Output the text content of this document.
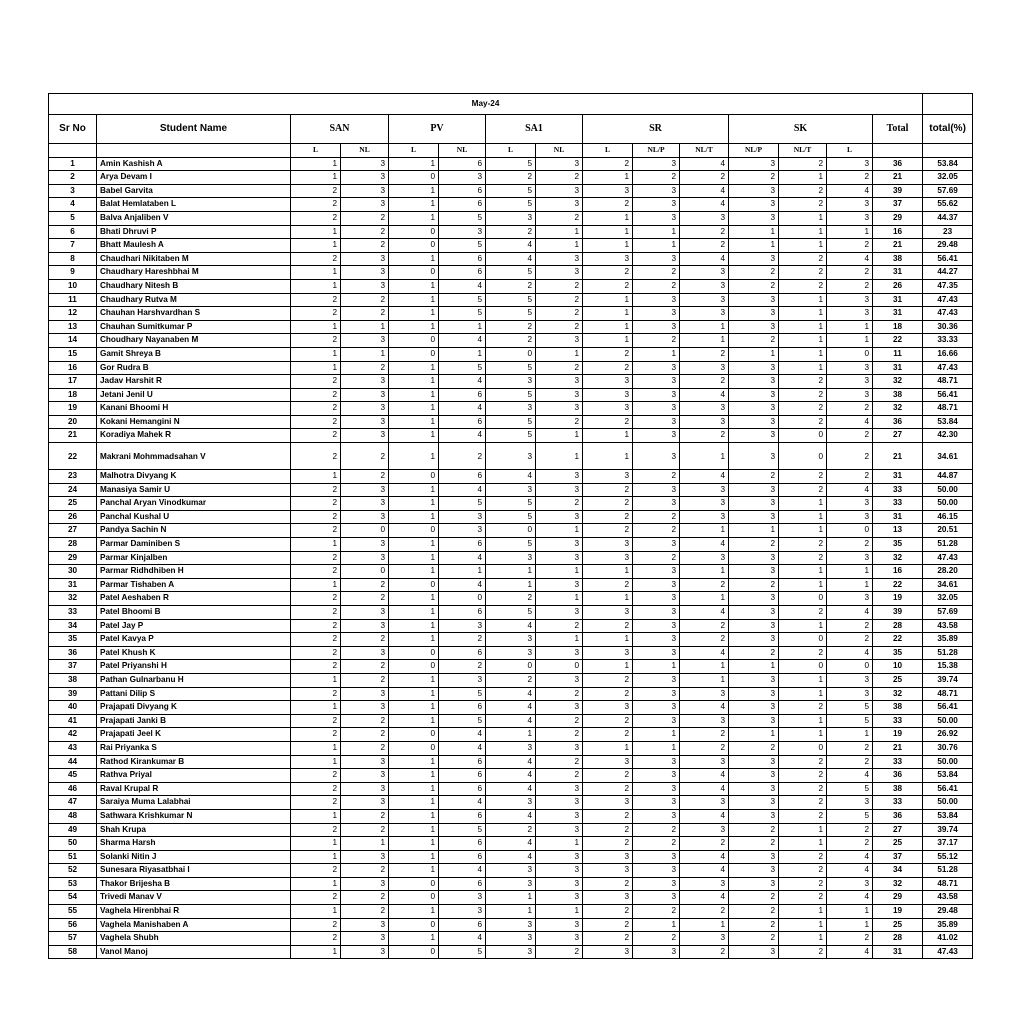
May-24															
Sr No	Student Name	SAN		PV		SA1		SR			SK			Total	total(%)
		L	NL	L	NL	L	NL	L	NL/P	NL/T	NL/P	NL/T	L		
1	Amin Kashish A	1	3	1	6	5	3	2	3	4	3	2	3	36	53.84
2	Arya Devam I	1	3	0	3	2	2	1	2	2	2	1	2	21	32.05
3	Babel Garvita	2	3	1	6	5	3	3	3	4	3	2	4	39	57.69
4	Balat Hemlataben L	2	3	1	6	5	3	2	3	4	3	2	3	37	55.62
5	Balva Anjaliben V	2	2	1	5	3	2	1	3	3	3	1	3	29	44.37
6	Bhati Dhruvi P	1	2	0	3	2	1	1	1	2	1	1	1	16	23
7	Bhatt Maulesh A	1	2	0	5	4	1	1	1	2	1	1	2	21	29.48
8	Chaudhari Nikitaben M	2	3	1	6	4	3	3	3	4	3	2	4	38	56.41
9	Chaudhary Hareshbhai M	1	3	0	6	5	3	2	2	3	2	2	2	31	44.27
10	Chaudhary Nitesh B	1	3	1	4	2	2	2	2	3	2	2	2	26	47.35
11	Chaudhary Rutva M	2	2	1	5	5	2	1	3	3	3	1	3	31	47.43
12	Chauhan Harshvardhan S	2	2	1	5	5	2	1	3	3	3	1	3	31	47.43
13	Chauhan Sumitkumar P	1	1	1	1	2	2	1	3	1	3	1	1	18	30.36
14	Choudhary Nayanaben M	2	3	0	4	2	3	1	2	1	2	1	1	22	33.33
15	Gamit Shreya B	1	1	0	1	0	1	2	1	2	1	1	0	11	16.66
16	Gor Rudra B	1	2	1	5	5	2	2	3	3	3	1	3	31	47.43
17	Jadav Harshit R	2	3	1	4	3	3	3	3	2	3	2	3	32	48.71
18	Jetani Jenil U	2	3	1	6	5	3	3	3	4	3	2	3	38	56.41
19	Kanani Bhoomi H	2	3	1	4	3	3	3	3	3	3	2	2	32	48.71
20	Kokani Hemangini N	2	3	1	6	5	2	2	3	3	3	2	4	36	53.84
21	Koradiya Mahek R	2	3	1	4	5	1	1	3	2	3	0	2	27	42.30
22	Makrani Mohmmadsahan V	2	2	1	2	3	1	1	3	1	3	0	2	21	34.61
23	Malhotra Divyang K	1	2	0	6	4	3	3	2	4	2	2	2	31	44.87
24	Manasiya Samir U	2	3	1	4	3	3	2	3	3	3	2	4	33	50.00
25	Panchal Aryan Vinodkumar	2	3	1	5	5	2	2	3	3	3	1	3	33	50.00
26	Panchal Kushal U	2	3	1	3	5	3	2	2	3	3	1	3	31	46.15
27	Pandya Sachin N	2	0	0	3	0	1	2	2	1	1	1	0	13	20.51
28	Parmar Daminiben S	1	3	1	6	5	3	3	3	4	2	2	2	35	51.28
29	Parmar Kinjalben	2	3	1	4	3	3	3	2	3	3	2	3	32	47.43
30	Parmar Ridhdhiben H	2	0	1	1	1	1	1	3	1	3	1	1	16	28.20
31	Parmar Tishaben A	1	2	0	4	1	3	2	3	2	2	1	1	22	34.61
32	Patel Aeshaben R	2	2	1	0	2	1	1	3	1	3	0	3	19	32.05
33	Patel Bhoomi B	2	3	1	6	5	3	3	3	4	3	2	4	39	57.69
34	Patel Jay P	2	3	1	3	4	2	2	3	2	3	1	2	28	43.58
35	Patel Kavya P	2	2	1	2	3	1	1	3	2	3	0	2	22	35.89
36	Patel Khush K	2	3	0	6	3	3	3	3	4	2	2	4	35	51.28
37	Patel Priyanshi H	2	2	0	2	0	0	1	1	1	1	0	0	10	15.38
38	Pathan Gulnarbanu H	1	2	1	3	2	3	2	3	1	3	1	3	25	39.74
39	Pattani Dilip S	2	3	1	5	4	2	2	3	3	3	1	3	32	48.71
40	Prajapati Divyang K	1	3	1	6	4	3	3	3	4	3	2	5	38	56.41
41	Prajapati Janki B	2	2	1	5	4	2	2	3	3	3	1	5	33	50.00
42	Prajapati Jeel K	2	2	0	4	1	2	2	1	2	1	1	1	19	26.92
43	Rai Priyanka S	1	2	0	4	3	3	1	1	2	2	0	2	21	30.76
44	Rathod Kirankumar B	1	3	1	6	4	2	3	3	3	3	2	2	33	50.00
45	Rathva Priyal	2	3	1	6	4	2	2	3	4	3	2	4	36	53.84
46	Raval Krupal R	2	3	1	6	4	3	2	3	4	3	2	5	38	56.41
47	Saraiya Muma Lalabhai	2	3	1	4	3	3	3	3	3	3	2	3	33	50.00
48	Sathwara Krishkumar N	1	2	1	6	4	3	2	3	4	3	2	5	36	53.84
49	Shah Krupa	2	2	1	5	2	3	2	2	3	2	1	2	27	39.74
50	Sharma Harsh	1	1	1	6	4	1	2	2	2	2	1	2	25	37.17
51	Solanki Nitin J	1	3	1	6	4	3	3	3	4	3	2	4	37	55.12
52	Sunesara Riyasatbhai I	2	2	1	4	3	3	3	3	4	3	2	4	34	51.28
53	Thakor Brijesha B	1	3	0	6	3	3	2	3	3	3	2	3	32	48.71
54	Trivedi Manav V	2	2	0	3	1	3	3	3	4	2	2	4	29	43.58
55	Vaghela Hirenbhai R	1	2	1	3	1	1	2	2	2	2	1	1	19	29.48
56	Vaghela Manishaben A	2	3	0	6	3	3	2	1	1	2	1	1	25	35.89
57	Vaghela Shubh	2	3	1	4	3	3	2	2	3	2	1	2	28	41.02
58	Vanol Manoj	1	3	0	5	3	2	3	3	2	3	2	4	31	47.43
